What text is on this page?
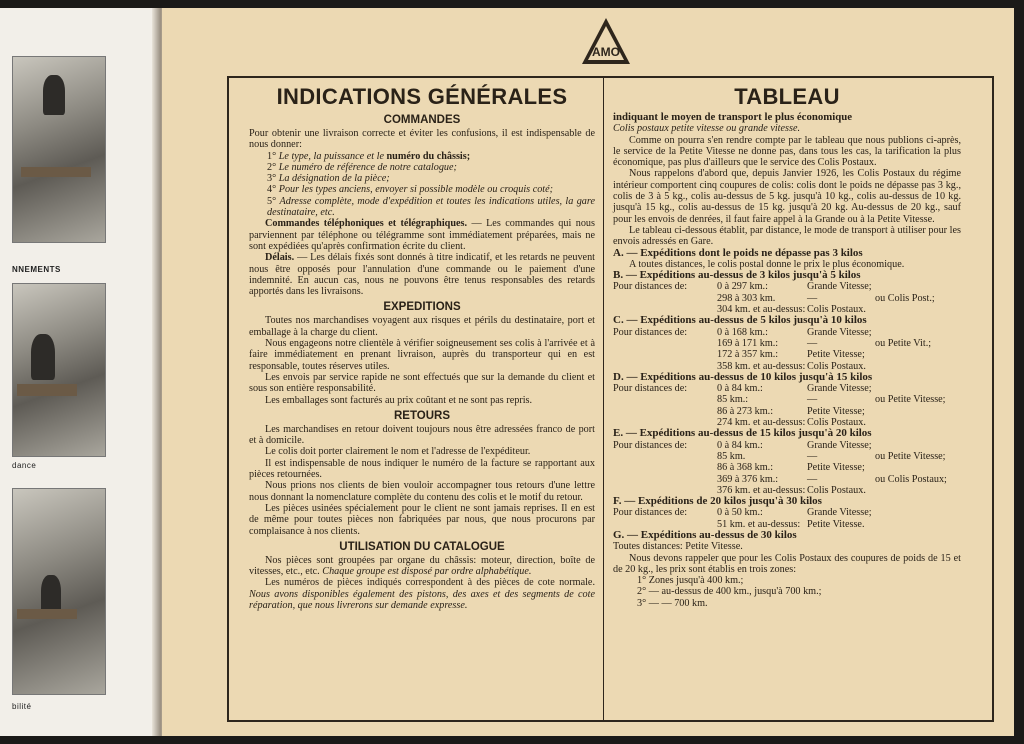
NNEMENTS
dance
bilité
AMO
INDICATIONS GÉNÉRALES
COMMANDES

Pour obtenir une livraison correcte et éviter les confusions, il est indispensable de nous donner:

1° Le type, la puissance et le numéro du châssis;

2° Le numéro de référence de notre catalogue;

3° La désignation de la pièce;

4° Pour les types anciens, envoyer si possible modèle ou croquis coté;

5° Adresse complète, mode d'expédition et toutes les indications utiles, la gare destinataire, etc.

Commandes téléphoniques et télégraphiques. — Les commandes qui nous parviennent par téléphone ou télégramme sont immédiatement préparées, mais ne sont expédiées qu'après confirmation écrite du client.

Délais. — Les délais fixés sont donnés à titre indicatif, et les retards ne peuvent nous être opposés pour l'annulation d'une commande ou le paiement d'une indemnité. En aucun cas, nous ne pouvons être tenus responsables des retards apportés dans les livraisons.

EXPEDITIONS

Toutes nos marchandises voyagent aux risques et périls du destinataire, port et emballage à la charge du client.

Nous engageons notre clientèle à vérifier soigneusement ses colis à l'arrivée et à faire immédiatement en prenant livraison, auprès du transporteur qui en est responsable, toutes réserves utiles.

Les envois par service rapide ne sont effectués que sur la demande du client et sous son entière responsabilité.

Les emballages sont facturés au prix coûtant et ne sont pas repris.

RETOURS

Les marchandises en retour doivent toujours nous être adressées franco de port et à domicile.

Le colis doit porter clairement le nom et l'adresse de l'expéditeur.

Il est indispensable de nous indiquer le numéro de la facture se rapportant aux pièces retournées.

Nous prions nos clients de bien vouloir accompagner tous retours d'une lettre nous donnant la nomenclature complète du contenu des colis et le motif du retour.

Les pièces usinées spécialement pour le client ne sont jamais reprises. Il en est de même pour toutes pièces non fabriquées par nous, que nous procurons par complaisance à nos clients.

UTILISATION DU CATALOGUE

Nos pièces sont groupées par organe du châssis: moteur, direction, boîte de vitesses, etc., etc. Chaque groupe est disposé par ordre alphabétique.

Les numéros de pièces indiqués correspondent à des pièces de cote normale. Nous avons disponibles également des pistons, des axes et des segments de cote réparation, que nous livrerons sur demande expresse.

TABLEAU

indiquant le moyen de transport le plus économique

Colis postaux petite vitesse ou grande vitesse.

Comme on pourra s'en rendre compte par le tableau que nous publions ci-après, le service de la Petite Vitesse ne donne pas, dans tous les cas, la tarification la plus économique, pas plus d'ailleurs que le service des Colis Postaux.

Nous rappelons d'abord que, depuis Janvier 1926, les Colis Postaux du régime intérieur comportent cinq coupures de colis: colis dont le poids ne dépasse pas 3 kg., colis de 3 à 5 kg., colis au-dessus de 5 kg. jusqu'à 10 kg., colis au-dessus de 10 kg. jusqu'à 15 kg., colis au-dessus de 15 kg. jusqu'à 20 kg. Au-dessus de 20 kg., sauf pour les envois de denrées, il faut faire appel à la Grande ou à la Petite Vitesse.

Le tableau ci-dessous établit, par distance, le mode de transport à utiliser pour les envois adressés en Gare.

A. — Expéditions dont le poids ne dépasse pas 3 kilos

A toutes distances, le colis postal donne le prix le plus économique.

B. — Expéditions au-dessus de 3 kilos jusqu'à 5 kilos

Pour distances de:	0 à 297 km.:	Grande Vitesse;
298 à 303 km.	—	ou Colis Post.;
304 km. et au-dessus: Colis Postaux.

C. — Expéditions au-dessus de 5 kilos jusqu'à 10 kilos

Pour distances de:	0 à 168 km.:	Grande Vitesse;
169 à 171 km.:	—	ou Petite Vit.;
172 à 357 km.:	Petite Vitesse;
358 km. et au-dessus: Colis Postaux.

D. — Expéditions au-dessus de 10 kilos jusqu'à 15 kilos

Pour distances de:	0 à 84 km.:	Grande Vitesse;
85 km.:	—	ou Petite Vitesse;
86 à 273 km.:	Petite Vitesse;
274 km. et au-dessus: Colis Postaux.

E. — Expéditions au-dessus de 15 kilos jusqu'à 20 kilos

Pour distances de:	0 à 84 km.:	Grande Vitesse;
85 km.	—	ou Petite Vitesse;
86 à 368 km.:	Petite Vitesse;
369 à 376 km.:	—	ou Colis Postaux;
376 km. et au-dessus: Colis Postaux.

F. — Expéditions de 20 kilos jusqu'à 30 kilos

Pour distances de:	0 à 50 km.:	Grande Vitesse;
51 km. et au-dessus: Petite Vitesse.

G. — Expéditions au-dessus de 30 kilos

Toutes distances: Petite Vitesse.

Nous devons rappeler que pour les Colis Postaux des coupures de poids de 15 et de 20 kg., les prix sont établis en trois zones:

1° Zones jusqu'à 400 km.;

2° — au-dessus de 400 km., jusqu'à 700 km.;

3° — — 700 km.
